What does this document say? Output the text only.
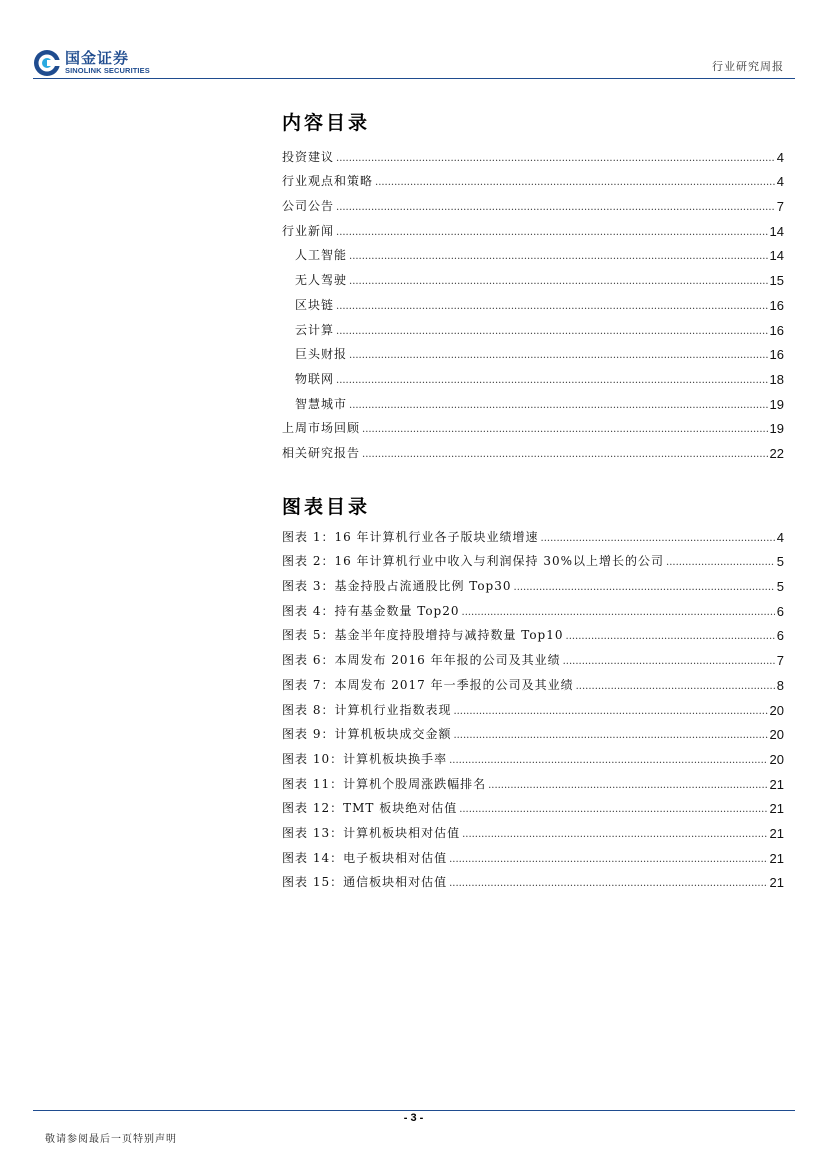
国金证券
SINOLINK SECURITIES	行业研究周报
内容目录
投资建议 .....	4
行业观点和策略 .....	4
公司公告 .....	7
行业新闻 .....	14
人工智能 .....	14
无人驾驶 .....	15
区块链 .....	16
云计算 .....	16
巨头财报 .....	16
物联网 .....	18
智慧城市 .....	19
上周市场回顾 .....	19
相关研究报告 .....	22
图表目录
图表 1：16 年计算机行业各子版块业绩增速 .....	4
图表 2：16 年计算机行业中收入与利润保持 30%以上增长的公司 .....	5
图表 3：基金持股占流通股比例 Top30 .....	5
图表 4：持有基金数量 Top20 .....	6
图表 5：基金半年度持股增持与减持数量 Top10 .....	6
图表 6：本周发布 2016 年年报的公司及其业绩 .....	7
图表 7：本周发布 2017 年一季报的公司及其业绩 .....	8
图表 8：计算机行业指数表现 .....	20
图表 9：计算机板块成交金额 .....	20
图表 10：计算机板块换手率 .....	20
图表 11：计算机个股周涨跌幅排名 .....	21
图表 12：TMT 板块绝对估值 .....	21
图表 13：计算机板块相对估值 .....	21
图表 14：电子板块相对估值 .....	21
图表 15：通信板块相对估值 .....	21
- 3 -
敬请参阅最后一页特别声明
